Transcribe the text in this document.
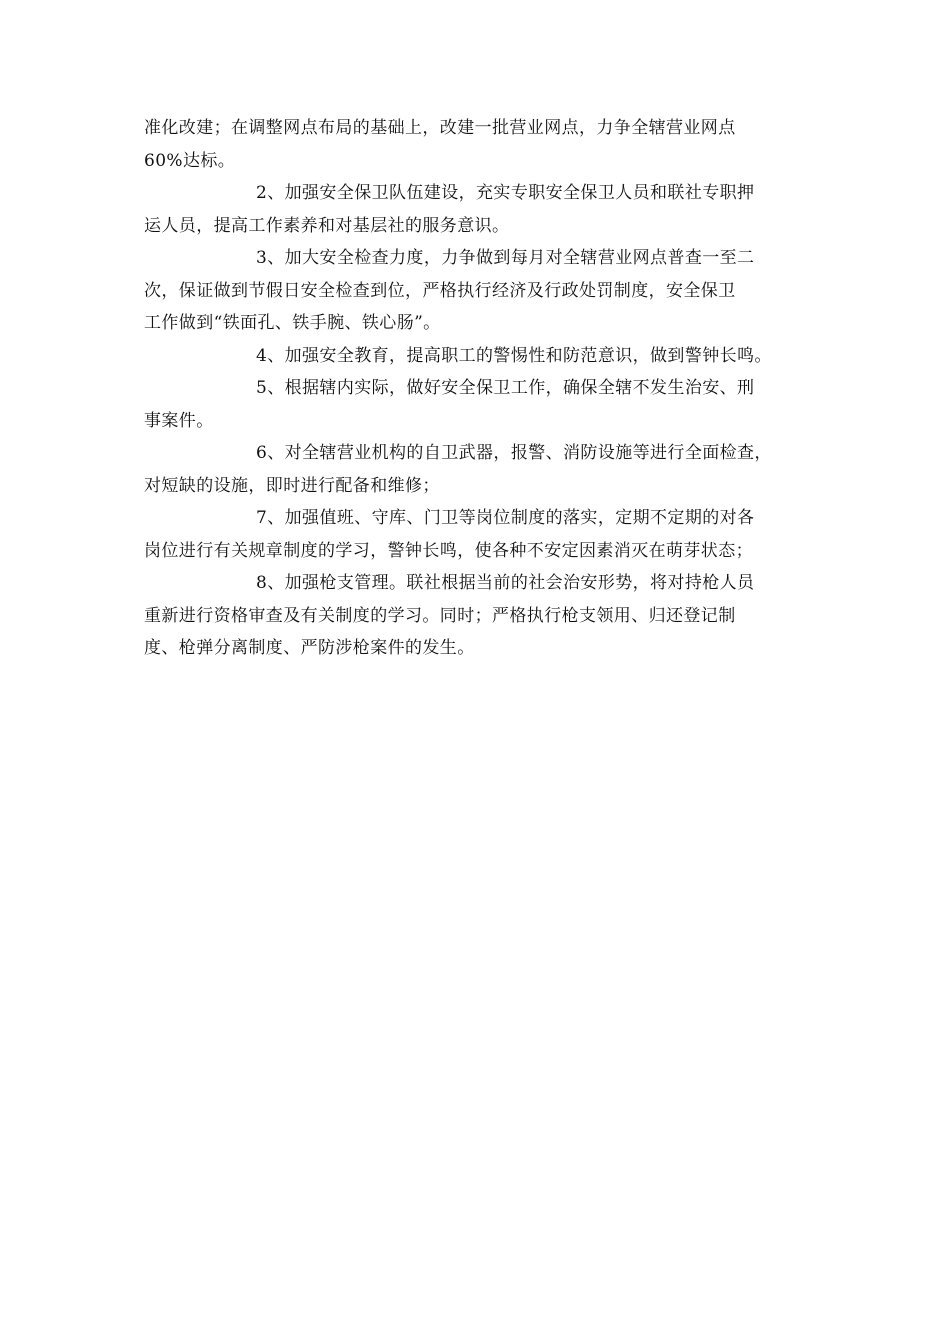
准化改建；在调整网点布局的基础上，改建一批营业网点，力争全辖营业网点
60%达标。

2、加强安全保卫队伍建设，充实专职安全保卫人员和联社专职押
运人员，提高工作素养和对基层社的服务意识。

3、加大安全检查力度，力争做到每月对全辖营业网点普查一至二
次，保证做到节假日安全检查到位，严格执行经济及行政处罚制度，安全保卫
工作做到“铁面孔、铁手腕、铁心肠”。

4、加强安全教育，提高职工的警惕性和防范意识，做到警钟长鸣。

5、根据辖内实际，做好安全保卫工作，确保全辖不发生治安、刑
事案件。

6、对全辖营业机构的自卫武器，报警、消防设施等进行全面检查，
对短缺的设施，即时进行配备和维修；

7、加强值班、守库、门卫等岗位制度的落实，定期不定期的对各
岗位进行有关规章制度的学习，警钟长鸣，使各种不安定因素消灭在萌芽状态；

8、加强枪支管理。联社根据当前的社会治安形势，将对持枪人员
重新进行资格审查及有关制度的学习。同时；严格执行枪支领用、归还登记制
度、枪弹分离制度、严防涉枪案件的发生。
